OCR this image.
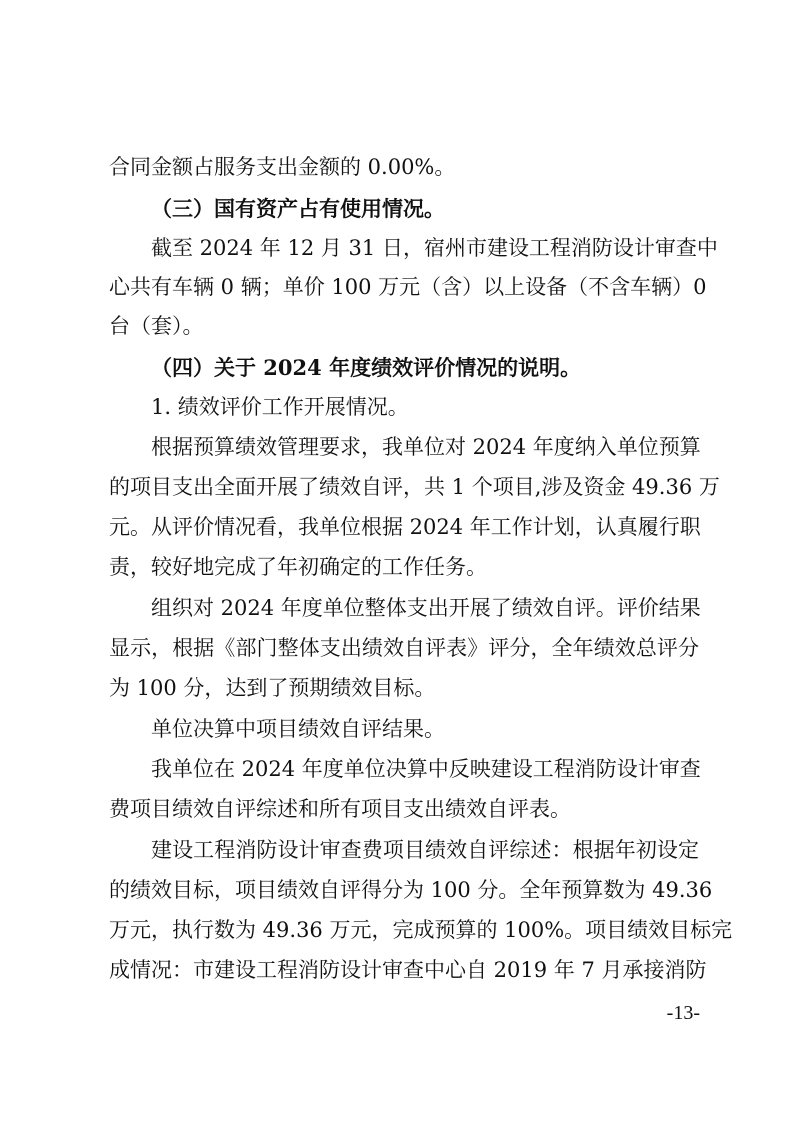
合同金额占服务支出金额的 0.00%。

（三）国有资产占有使用情况。

截至 2024 年 12 月 31 日，宿州市建设工程消防设计审查中

心共有车辆 0 辆；单价 100 万元（含）以上设备（不含车辆）0

台（套）。

（四）关于 2024 年度绩效评价情况的说明。

1. 绩效评价工作开展情况。

根据预算绩效管理要求，我单位对 2024 年度纳入单位预算

的项目支出全面开展了绩效自评，共 1 个项目,涉及资金 49.36 万

元。从评价情况看，我单位根据 2024 年工作计划，认真履行职

责，较好地完成了年初确定的工作任务。

组织对 2024 年度单位整体支出开展了绩效自评。评价结果

显示，根据《部门整体支出绩效自评表》评分，全年绩效总评分

为 100 分，达到了预期绩效目标。

单位决算中项目绩效自评结果。

我单位在 2024 年度单位决算中反映建设工程消防设计审查

费项目绩效自评综述和所有项目支出绩效自评表。

建设工程消防设计审查费项目绩效自评综述：根据年初设定

的绩效目标，项目绩效自评得分为 100 分。全年预算数为 49.36

万元，执行数为 49.36 万元，完成预算的 100%。项目绩效目标完

成情况：市建设工程消防设计审查中心自 2019 年 7 月承接消防

-13-
